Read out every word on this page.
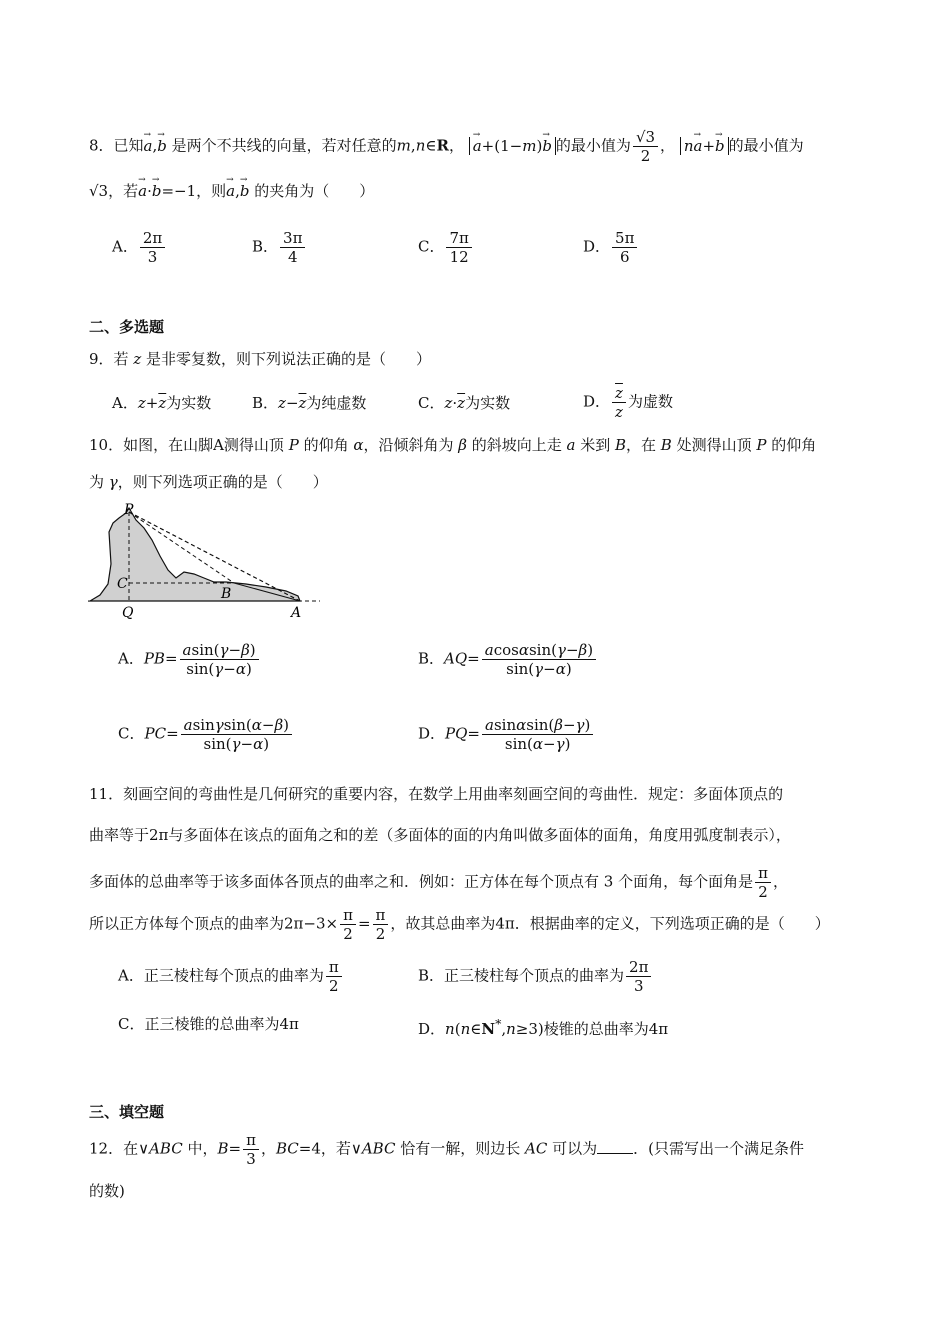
8．已知→ a,→ b 是两个不共线的向量，若对任意的m,n∈R， → a+(1−m)→ b 的最小值为 $\frac{√3}{2}$ ， n→ a+→ b 的最小值为
√3，若→ a·→ b=−1，则→ a,→ b 的夹角为（　　）
A． $\frac{2\pi}{3}$	B． $\frac{3\pi}{4}$	C． $\frac{7\pi}{12}$	D． $\frac{5\pi}{6}$
二、多选题
9．若 z 是非零复数，则下列说法正确的是（　　）
A．$z+\overline{z}$为实数	B．$z-\overline{z}$为纯虚数	C．$z\cdot\overline{z}$为实数	D． $\frac{\overline{z}}{z}$ 为虚数
10．如图，在山脚A测得山顶 P 的仰角 α，沿倾斜角为 β 的斜坡向上走 a 米到 B，在 B 处测得山顶 P 的仰角
为 γ，则下列选项正确的是（　　）
P
C
B
Q	A
A．$PB= \frac{asin(\gamma-\beta)}{\sin(\gamma-\alpha)}$	B．$AQ= \frac{acos\alpha\sin(\gamma-\beta)}{\sin(\gamma-\alpha)}$
C．$PC= \frac{asin\gamma\sin(\alpha-\beta)}{\sin(\gamma-\alpha)}$	D．$PQ= \frac{asin\alpha\sin(\beta-\gamma)}{\sin(\alpha-\gamma)}$
11．刻画空间的弯曲性是几何研究的重要内容，在数学上用曲率刻画空间的弯曲性．规定：多面体顶点的
曲率等于2π与多面体在该点的面角之和的差（多面体的面的内角叫做多面体的面角，角度用弧度制表示），
多面体的总曲率等于该多面体各顶点的曲率之和．例如：正方体在每个顶点有 3 个面角，每个面角是 $\frac{\pi}{2}$ ，
所以正方体每个顶点的曲率为$2\pi-3\times \frac{\pi}{2} = \frac{\pi}{2}$ ，故其总曲率为4π．根据曲率的定义，下列选项正确的是（　　）
A．正三棱柱每个顶点的曲率为 $\frac{\pi}{2}$	B．正三棱柱每个顶点的曲率为 $\frac{2\pi}{3}$
C．正三棱锥的总曲率为4π	D．n(n∈N*,n≥3)棱锥的总曲率为4π
三、填空题
12．在∨ABC 中，$B= \frac{\pi}{3}$ ，BC=4，若∨ABC 恰有一解，则边长 AC 可以为 ．(只需写出一个满足条件
的数)
